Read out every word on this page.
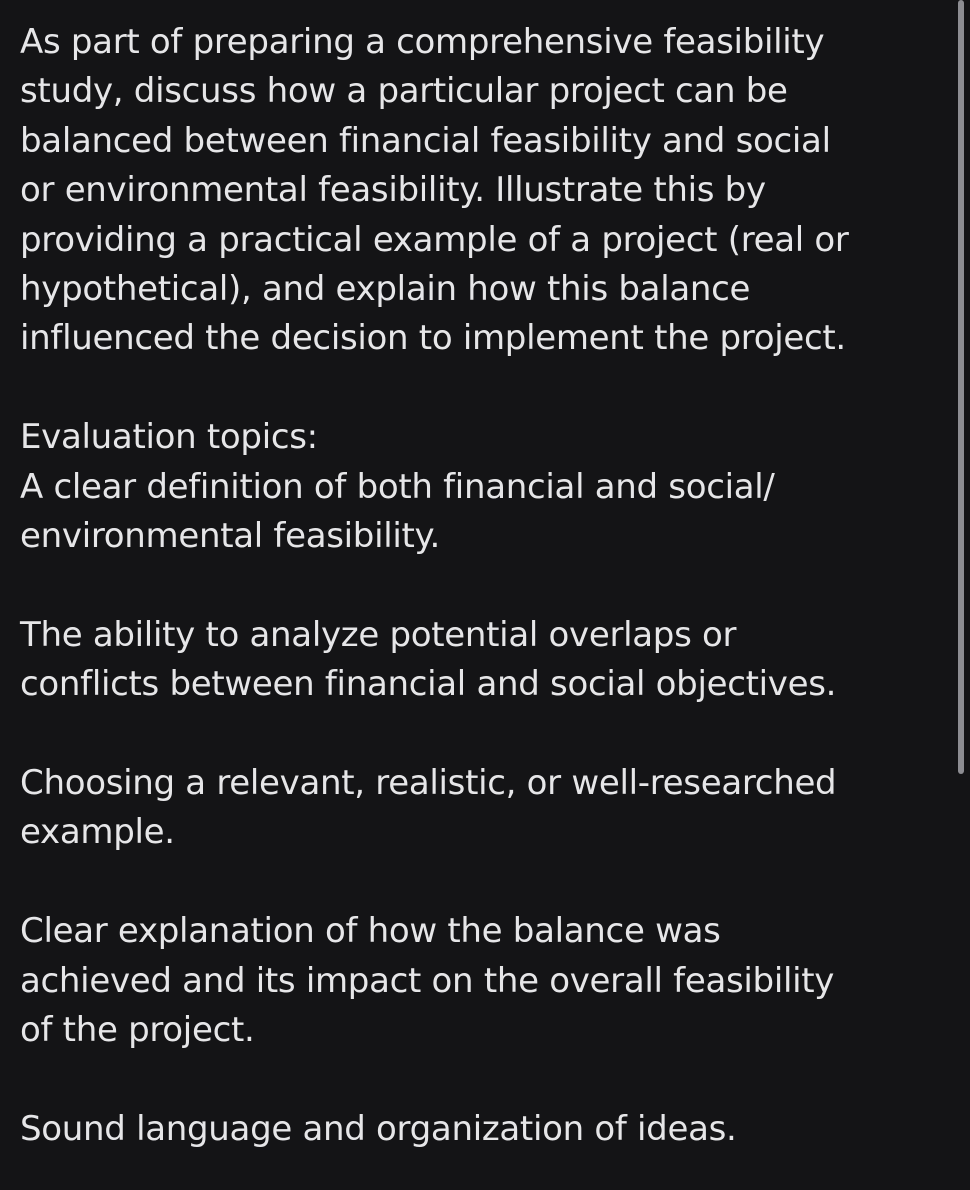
As part of preparing a comprehensive feasibility
study, discuss how a particular project can be
balanced between financial feasibility and social
or environmental feasibility. Illustrate this by
providing a practical example of a project (real or
hypothetical), and explain how this balance
influenced the decision to implement the project.
Evaluation topics:
A clear definition of both financial and social/
environmental feasibility.
The ability to analyze potential overlaps or
conflicts between financial and social objectives.
Choosing a relevant, realistic, or well-researched
example.
Clear explanation of how the balance was
achieved and its impact on the overall feasibility
of the project.
Sound language and organization of ideas.
